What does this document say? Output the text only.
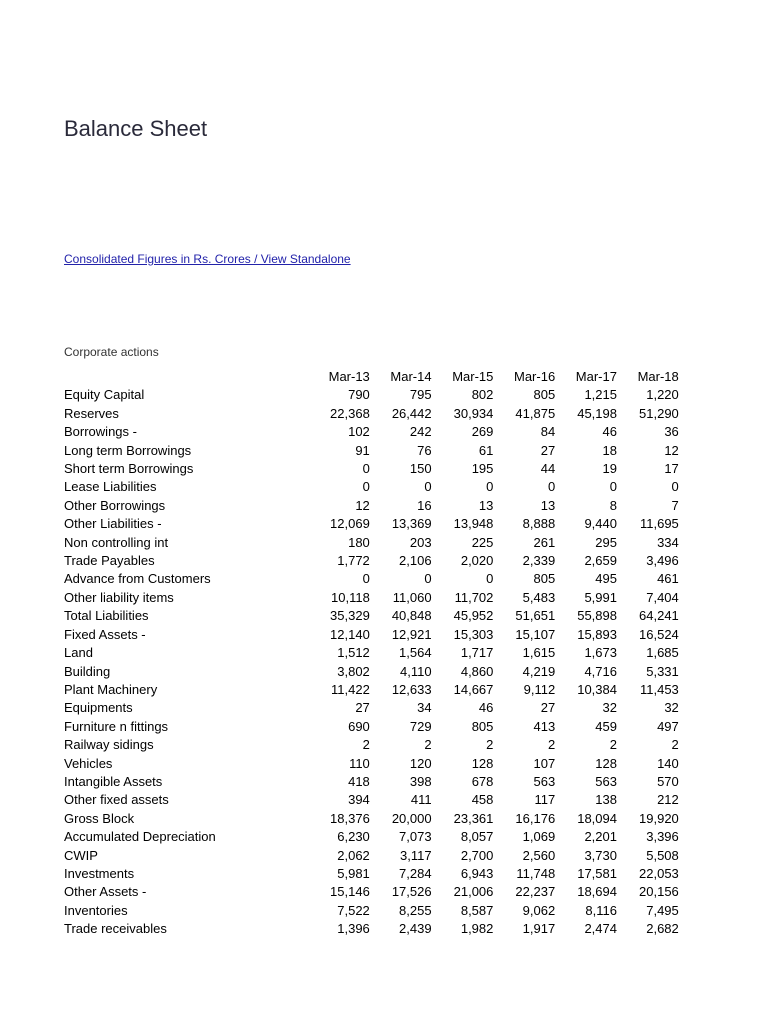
Balance Sheet
Consolidated Figures in Rs. Crores / View Standalone
Corporate actions
	Mar-13	Mar-14	Mar-15	Mar-16	Mar-17	Mar-18
Equity Capital	790	795	802	805	1,215	1,220
Reserves	22,368	26,442	30,934	41,875	45,198	51,290
Borrowings -	102	242	269	84	46	36
Long term Borrowings	91	76	61	27	18	12
Short term Borrowings	0	150	195	44	19	17
Lease Liabilities	0	0	0	0	0	0
Other Borrowings	12	16	13	13	8	7
Other Liabilities -	12,069	13,369	13,948	8,888	9,440	11,695
Non controlling int	180	203	225	261	295	334
Trade Payables	1,772	2,106	2,020	2,339	2,659	3,496
Advance from Customers	0	0	0	805	495	461
Other liability items	10,118	11,060	11,702	5,483	5,991	7,404
Total Liabilities	35,329	40,848	45,952	51,651	55,898	64,241
Fixed Assets -	12,140	12,921	15,303	15,107	15,893	16,524
Land	1,512	1,564	1,717	1,615	1,673	1,685
Building	3,802	4,110	4,860	4,219	4,716	5,331
Plant Machinery	11,422	12,633	14,667	9,112	10,384	11,453
Equipments	27	34	46	27	32	32
Furniture n fittings	690	729	805	413	459	497
Railway sidings	2	2	2	2	2	2
Vehicles	110	120	128	107	128	140
Intangible Assets	418	398	678	563	563	570
Other fixed assets	394	411	458	117	138	212
Gross Block	18,376	20,000	23,361	16,176	18,094	19,920
Accumulated Depreciation	6,230	7,073	8,057	1,069	2,201	3,396
CWIP	2,062	3,117	2,700	2,560	3,730	5,508
Investments	5,981	7,284	6,943	11,748	17,581	22,053
Other Assets -	15,146	17,526	21,006	22,237	18,694	20,156
Inventories	7,522	8,255	8,587	9,062	8,116	7,495
Trade receivables	1,396	2,439	1,982	1,917	2,474	2,682
